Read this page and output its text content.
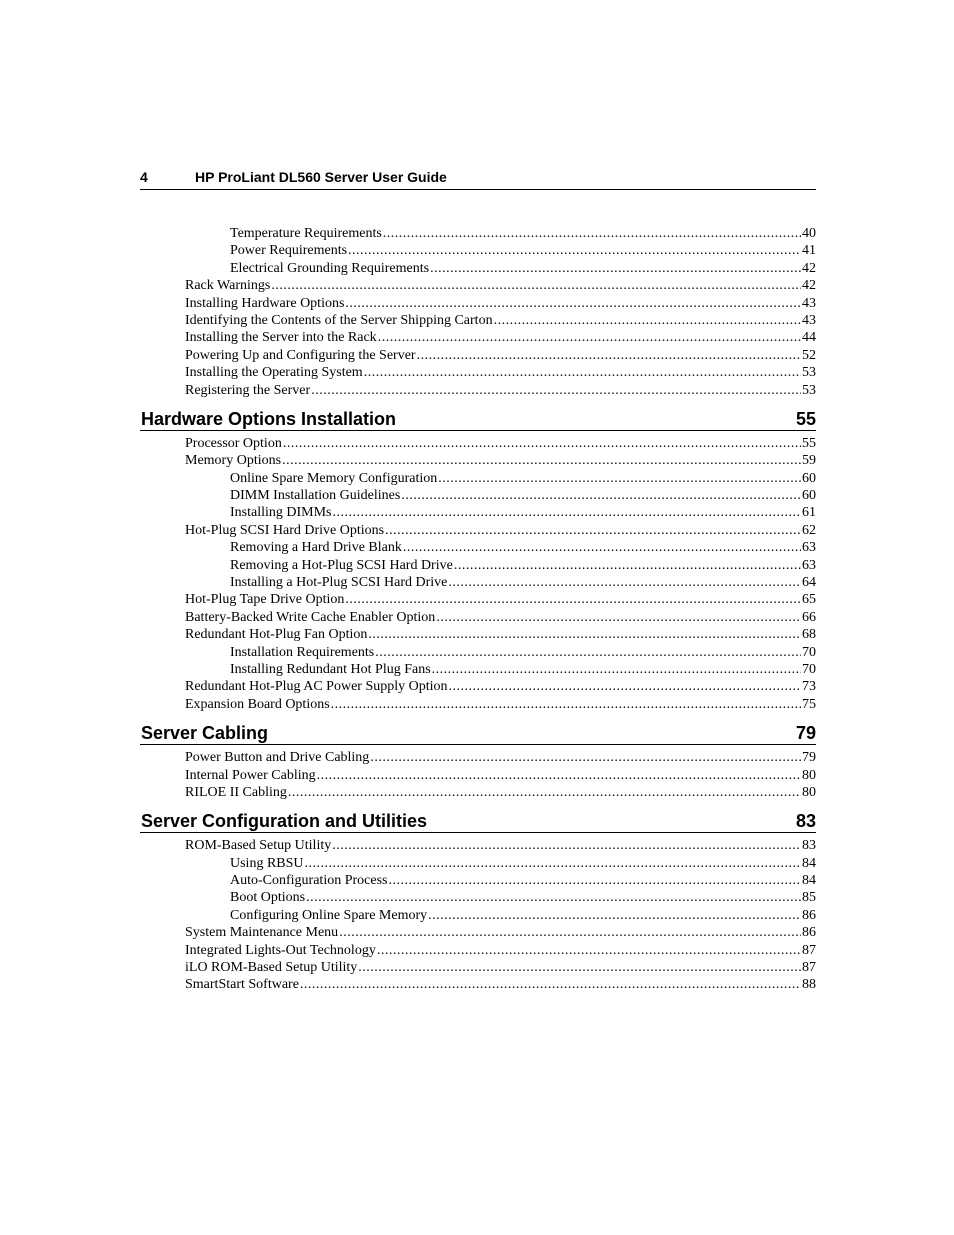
4	HP ProLiant DL560 Server User Guide
Temperature Requirements . . .	40
Power Requirements . . .	41
Electrical Grounding Requirements . . .	42
Rack Warnings . . .	42
Installing Hardware Options . . .	43
Identifying the Contents of the Server Shipping Carton . . .	43
Installing the Server into the Rack . . .	44
Powering Up and Configuring the Server . . .	52
Installing the Operating System . . .	53
Registering the Server . . .	53
Hardware Options Installation	55
Processor Option . . .	55
Memory Options . . .	59
Online Spare Memory Configuration . . .	60
DIMM Installation Guidelines . . .	60
Installing DIMMs . . .	61
Hot-Plug SCSI Hard Drive Options . . .	62
Removing a Hard Drive Blank . . .	63
Removing a Hot-Plug SCSI Hard Drive . . .	63
Installing a Hot-Plug SCSI Hard Drive . . .	64
Hot-Plug Tape Drive Option . . .	65
Battery-Backed Write Cache Enabler Option . . .	66
Redundant Hot-Plug Fan Option . . .	68
Installation Requirements . . .	70
Installing Redundant Hot Plug Fans . . .	70
Redundant Hot-Plug AC Power Supply Option . . .	73
Expansion Board Options . . .	75
Server Cabling	79
Power Button and Drive Cabling . . .	79
Internal Power Cabling . . .	80
RILOE II Cabling . . .	80
Server Configuration and Utilities	83
ROM-Based Setup Utility . . .	83
Using RBSU . . .	84
Auto-Configuration Process . . .	84
Boot Options . . .	85
Configuring Online Spare Memory . . .	86
System Maintenance Menu . . .	86
Integrated Lights-Out Technology . . .	87
iLO ROM-Based Setup Utility . . .	87
SmartStart Software . . .	88
